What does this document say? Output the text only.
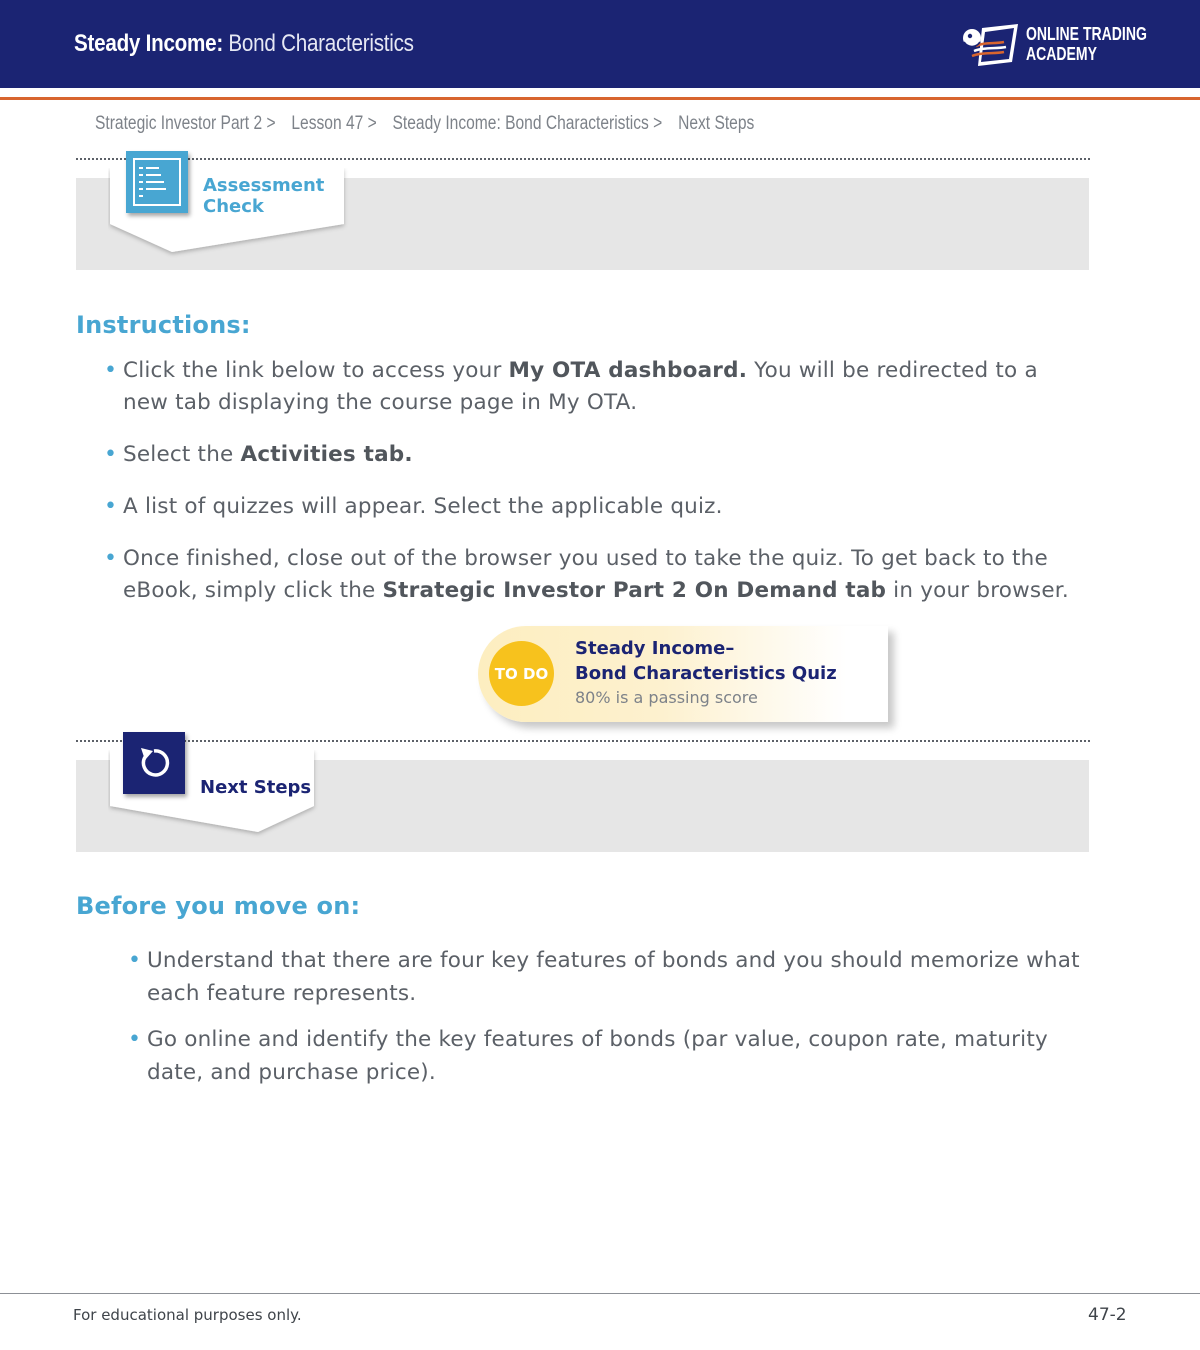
Steady Income: Bond Characteristics	ONLINE TRADING
ACADEMY
Strategic Investor Part 2 > Lesson 47 > Steady Income: Bond Characteristics > Next Steps
Assessment
Check
Instructions:
• Click the link below to access your My OTA dashboard. You will be redirected to a new tab displaying the course page in My OTA.
• Select the Activities tab.
• A list of quizzes will appear. Select the applicable quiz.
• Once finished, close out of the browser you used to take the quiz. To get back to the eBook, simply click the Strategic Investor Part 2 On Demand tab in your browser.
TO DO
Steady Income–
Bond Characteristics Quiz
80% is a passing score
Next Steps
Before you move on:
• Understand that there are four key features of bonds and you should memorize what each feature represents.
• Go online and identify the key features of bonds (par value, coupon rate, maturity date, and purchase price).
For educational purposes only.	47-2
